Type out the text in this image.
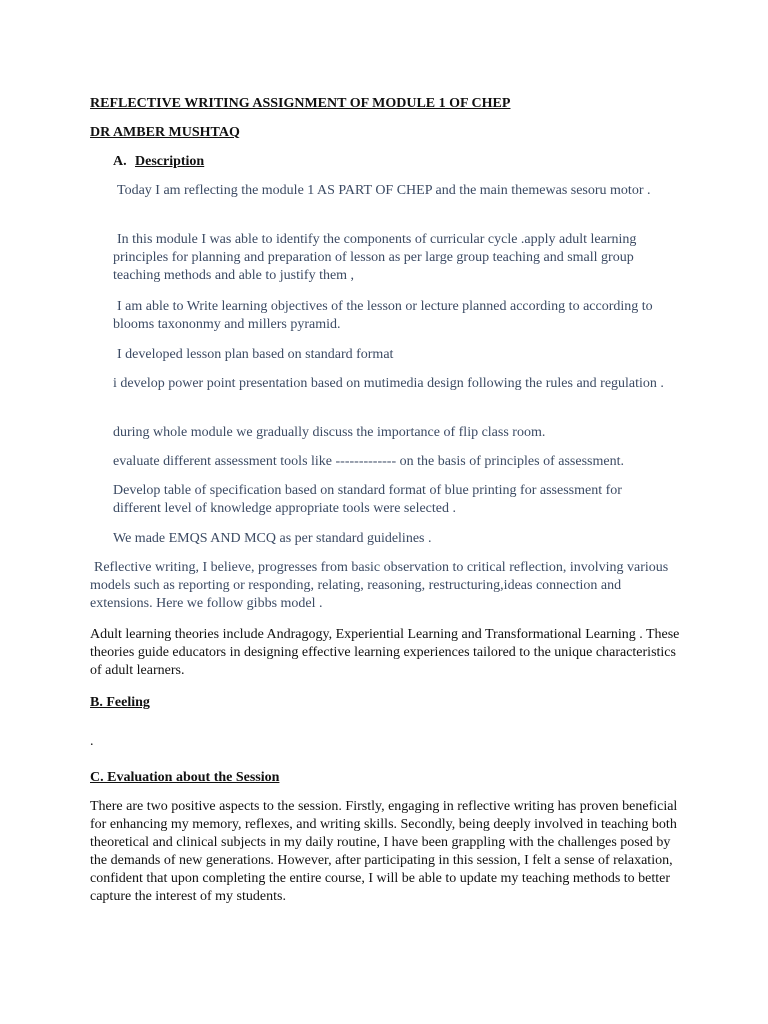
REFLECTIVE WRITING ASSIGNMENT OF MODULE 1 OF CHEP

DR AMBER MUSHTAQ

A. Description

Today I am reflecting the module 1 AS PART OF CHEP and the main themewas sesoru motor .

In this module I was able to identify the components of curricular cycle .apply adult learning principles for planning and preparation of lesson as per large group teaching and small group teaching methods and able to justify them ,

I am able to Write learning objectives of the lesson or lecture planned according to according to blooms taxononmy and millers pyramid.

I developed lesson plan based on standard format

i develop power point presentation based on mutimedia design following the rules and regulation .

during whole module we gradually discuss the importance of flip class room.

evaluate different assessment tools like ------------- on the basis of principles of assessment.

Develop table of specification based on standard format of blue printing for assessment for different level of knowledge appropriate tools were selected .

We made EMQS AND MCQ as per standard guidelines .

Reflective writing, I believe, progresses from basic observation to critical reflection, involving various models such as reporting or responding, relating, reasoning, restructuring,ideas connection and extensions. Here we follow gibbs model .

Adult learning theories include Andragogy, Experiential Learning and Transformational Learning . These theories guide educators in designing effective learning experiences tailored to the unique characteristics of adult learners.

B. Feeling

.

C. Evaluation about the Session

There are two positive aspects to the session. Firstly, engaging in reflective writing has proven beneficial for enhancing my memory, reflexes, and writing skills. Secondly, being deeply involved in teaching both theoretical and clinical subjects in my daily routine, I have been grappling with the challenges posed by the demands of new generations. However, after participating in this session, I felt a sense of relaxation, confident that upon completing the entire course, I will be able to update my teaching methods to better capture the interest of my students.
